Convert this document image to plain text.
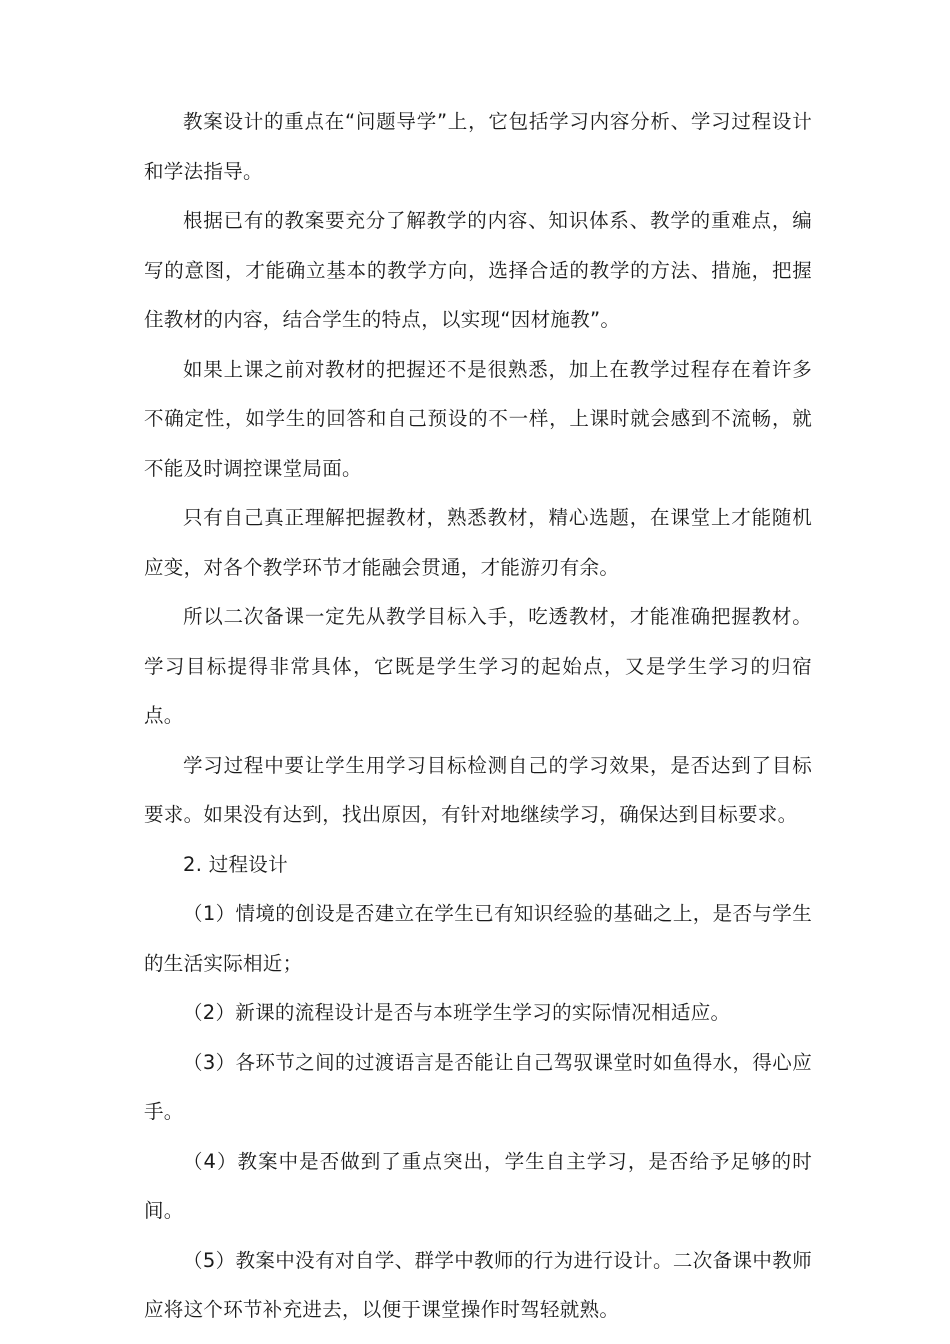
教案设计的重点在“问题导学”上，它包括学习内容分析、学习过程设计和学法指导。

根据已有的教案要充分了解教学的内容、知识体系、教学的重难点，编写的意图，才能确立基本的教学方向，选择合适的教学的方法、措施，把握住教材的内容，结合学生的特点，以实现“因材施教”。

如果上课之前对教材的把握还不是很熟悉，加上在教学过程存在着许多不确定性，如学生的回答和自己预设的不一样，上课时就会感到不流畅，就不能及时调控课堂局面。

只有自己真正理解把握教材，熟悉教材，精心选题，在课堂上才能随机应变，对各个教学环节才能融会贯通，才能游刃有余。

所以二次备课一定先从教学目标入手，吃透教材，才能准确把握教材。学习目标提得非常具体，它既是学生学习的起始点，又是学生学习的归宿点。

学习过程中要让学生用学习目标检测自己的学习效果，是否达到了目标要求。如果没有达到，找出原因，有针对地继续学习，确保达到目标要求。

2. 过程设计

（1）情境的创设是否建立在学生已有知识经验的基础之上，是否与学生的生活实际相近；

（2）新课的流程设计是否与本班学生学习的实际情况相适应。

（3）各环节之间的过渡语言是否能让自己驾驭课堂时如鱼得水，得心应手。

（4）教案中是否做到了重点突出，学生自主学习，是否给予足够的时间。

（5）教案中没有对自学、群学中教师的行为进行设计。二次备课中教师应将这个环节补充进去，以便于课堂操作时驾轻就熟。
